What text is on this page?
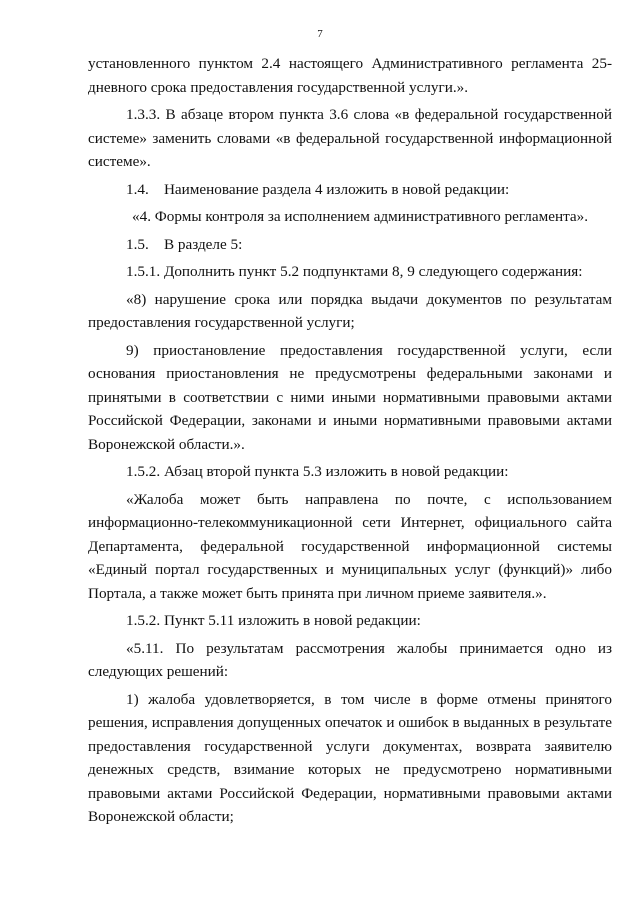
7

установленного пунктом 2.4 настоящего Административного регламента 25-дневного срока предоставления государственной услуги.».

1.3.3. В абзаце втором пункта 3.6 слова «в федеральной государственной системе» заменить словами «в федеральной государственной информационной системе».

1.4.    Наименование раздела 4 изложить в новой редакции:

«4. Формы контроля за исполнением административного регламента».

1.5.    В разделе 5:

1.5.1. Дополнить пункт 5.2 подпунктами 8, 9 следующего содержания:

«8) нарушение срока или порядка выдачи документов по результатам предоставления государственной услуги;

9) приостановление предоставления государственной услуги, если основания приостановления не предусмотрены федеральными законами и принятыми в соответствии с ними иными нормативными правовыми актами Российской Федерации, законами и иными нормативными правовыми актами Воронежской области.».

1.5.2. Абзац второй пункта 5.3 изложить в новой редакции:

«Жалоба может быть направлена по почте, с использованием информационно-телекоммуникационной сети Интернет, официального сайта Департамента, федеральной государственной информационной системы «Единый портал государственных и муниципальных услуг (функций)» либо Портала, а также может быть принята при личном приеме заявителя.».

1.5.2. Пункт 5.11 изложить в новой редакции:

«5.11. По результатам рассмотрения жалобы принимается одно из следующих решений:

1) жалоба удовлетворяется, в том числе в форме отмены принятого решения, исправления допущенных опечаток и ошибок в выданных в результате предоставления государственной услуги документах, возврата заявителю денежных средств, взимание которых не предусмотрено нормативными правовыми актами Российской Федерации, нормативными правовыми актами Воронежской области;
